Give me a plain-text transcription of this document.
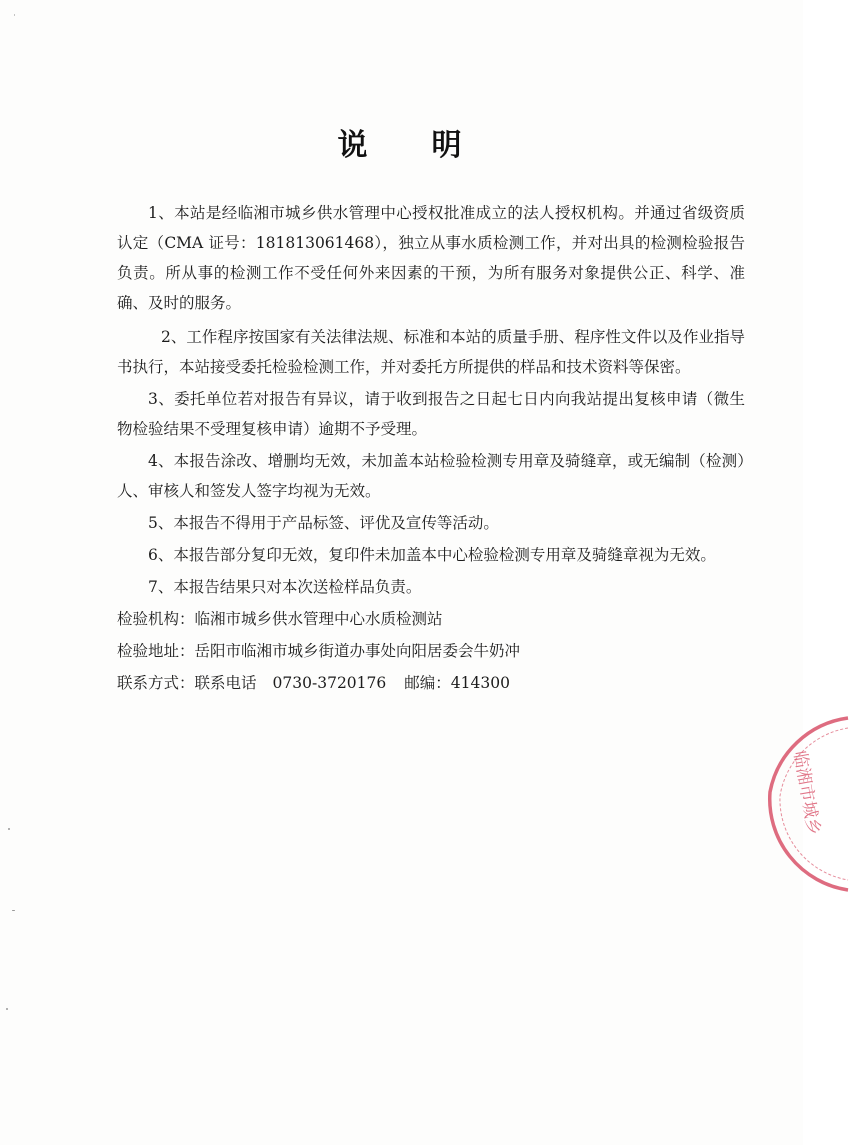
说 明

1、本站是经临湘市城乡供水管理中心授权批准成立的法人授权机构。并通过省级资质认定（CMA 证号：181813061468），独立从事水质检测工作，并对出具的检测检验报告负责。所从事的检测工作不受任何外来因素的干预，为所有服务对象提供公正、科学、准确、及时的服务。

2、工作程序按国家有关法律法规、标准和本站的质量手册、程序性文件以及作业指导书执行，本站接受委托检验检测工作，并对委托方所提供的样品和技术资料等保密。

3、委托单位若对报告有异议，请于收到报告之日起七日内向我站提出复核申请（微生物检验结果不受理复核申请）逾期不予受理。

4、本报告涂改、增删均无效，未加盖本站检验检测专用章及骑缝章，或无编制（检测）人、审核人和签发人签字均视为无效。

5、本报告不得用于产品标签、评优及宣传等活动。

6、本报告部分复印无效，复印件未加盖本中心检验检测专用章及骑缝章视为无效。

7、本报告结果只对本次送检样品负责。

检验机构：临湘市城乡供水管理中心水质检测站

检验地址：岳阳市临湘市城乡街道办事处向阳居委会牛奶冲

联系方式：联系电话 0730-3720176 邮编：414300

临湘市城乡
